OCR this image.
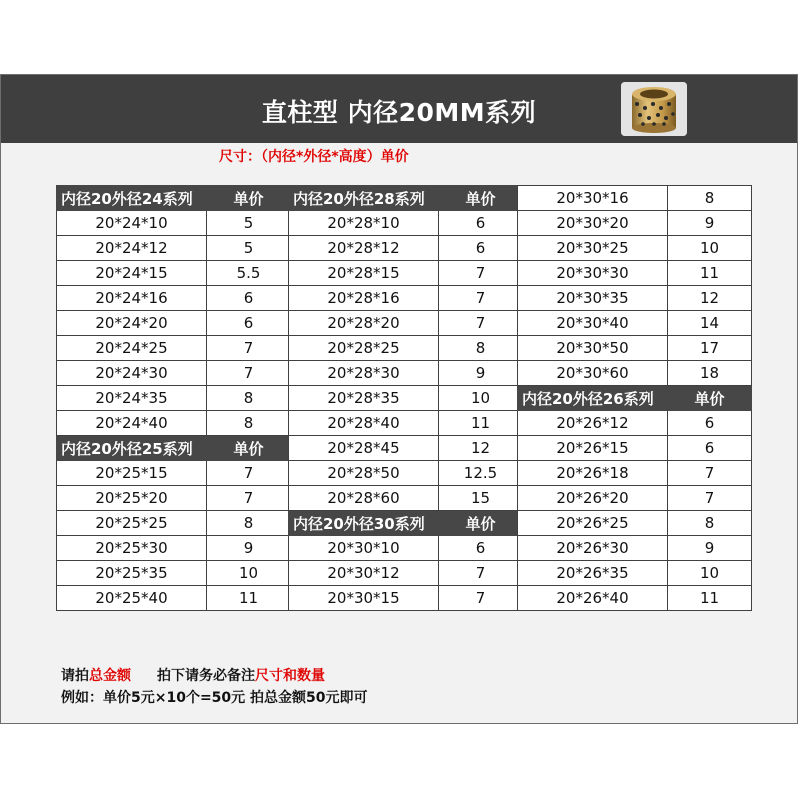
直柱型 内径20MM系列
尺寸：（内径*外径*高度）单价
内径20外径24系列	单价
20*24*10	5
20*24*12	5
20*24*15	5.5
20*24*16	6
20*24*20	6
20*24*25	7
20*24*30	7
20*24*35	8
20*24*40	8
内径20外径25系列	单价
20*25*15	7
20*25*20	7
20*25*25	8
20*25*30	9
20*25*35	10
20*25*40	11
内径20外径28系列	单价
20*28*10	6
20*28*12	6
20*28*15	7
20*28*16	7
20*28*20	7
20*28*25	8
20*28*30	9
20*28*35	10
20*28*40	11
20*28*45	12
20*28*50	12.5
20*28*60	15
内径20外径30系列	单价
20*30*10	6
20*30*12	7
20*30*15	7
20*30*16	8
20*30*20	9
20*30*25	10
20*30*30	11
20*30*35	12
20*30*40	14
20*30*50	17
20*30*60	18
内径20外径26系列	单价
20*26*12	6
20*26*15	6
20*26*18	7
20*26*20	7
20*26*25	8
20*26*30	9
20*26*35	10
20*26*40	11
请拍总金额 拍下请务必备注尺寸和数量
例如：单价5元×10个=50元 拍总金额50元即可
